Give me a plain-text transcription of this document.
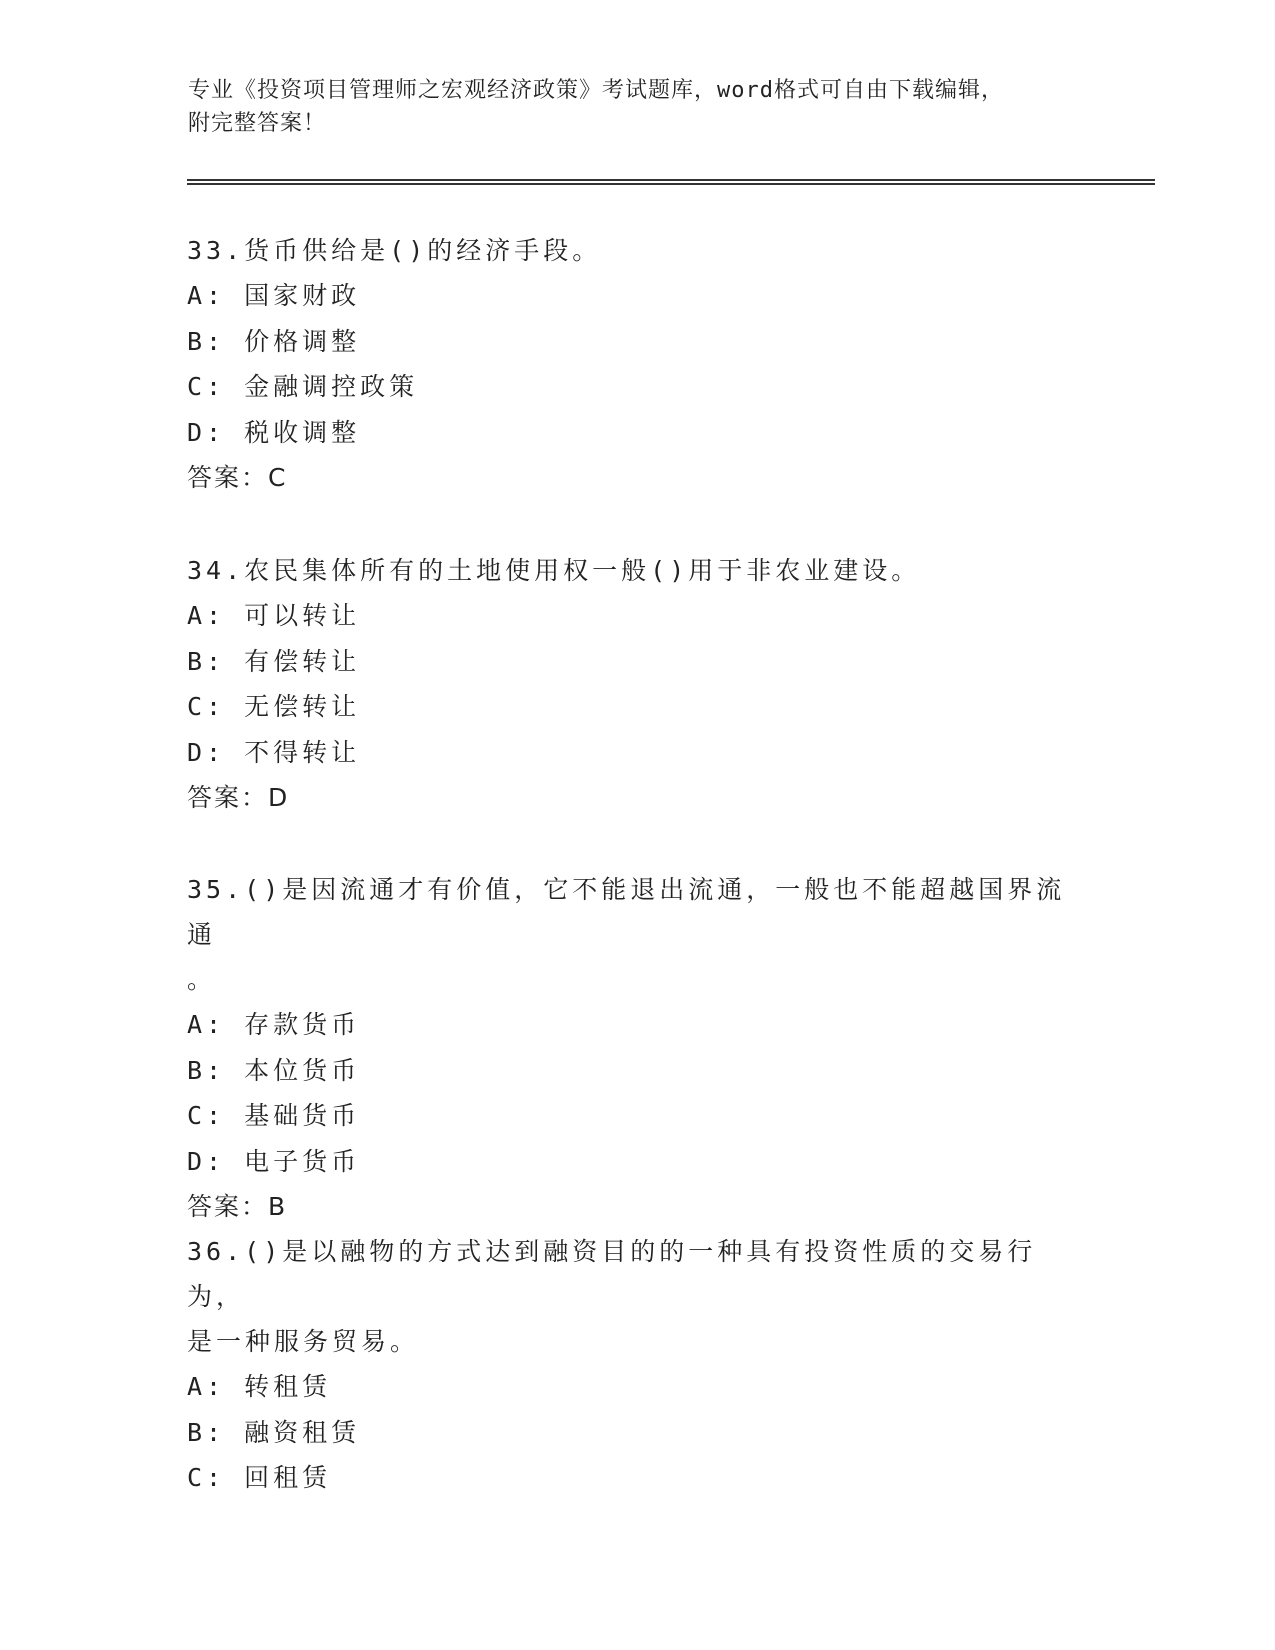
专业《投资项目管理师之宏观经济政策》考试题库，word格式可自由下载编辑，
附完整答案！
33.货币供给是()的经济手段。
A: 国家财政
B: 价格调整
C: 金融调控政策
D: 税收调整
答案：C
34.农民集体所有的土地使用权一般()用于非农业建设。
A: 可以转让
B: 有偿转让
C: 无偿转让
D: 不得转让
答案：D
35.()是因流通才有价值，它不能退出流通，一般也不能超越国界流通
。
A: 存款货币
B: 本位货币
C: 基础货币
D: 电子货币
答案：B
36.()是以融物的方式达到融资目的的一种具有投资性质的交易行为，
是一种服务贸易。
A: 转租赁
B: 融资租赁
C: 回租赁
